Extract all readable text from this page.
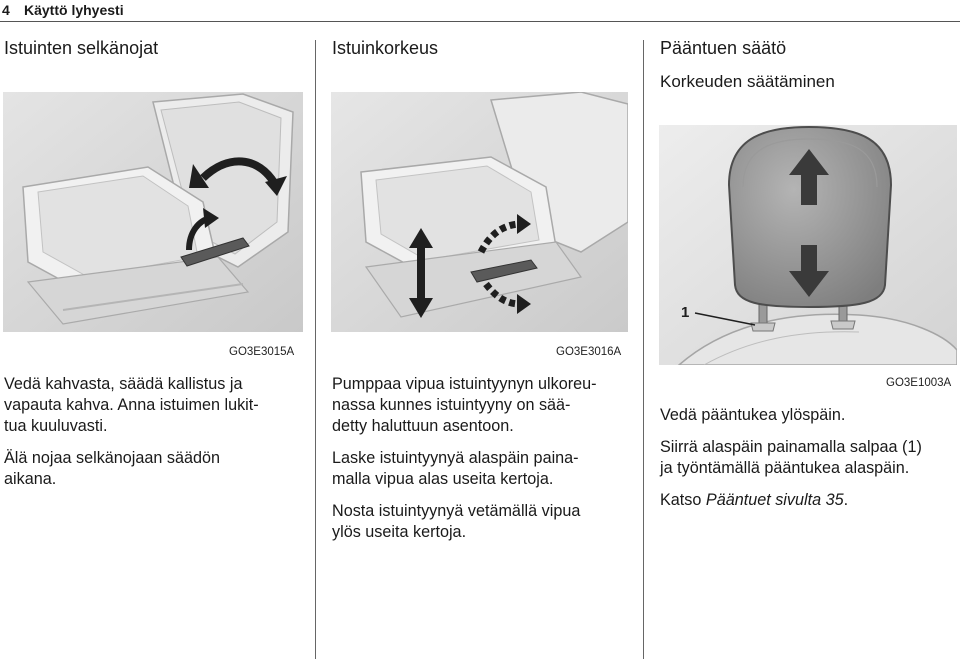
4 Käyttö lyhyesti
Istuinten selkänojat
GO3E3015A

Vedä kahvasta, säädä kallistus ja
vapauta kahva. Anna istuimen lukit-
tua kuuluvasti.

Älä nojaa selkänojaan säädön
aikana.

Istuinkorkeus
GO3E3016A

Pumppaa vipua istuintyynyn ulkoreu-
nassa kunnes istuintyyny on sää-
detty haluttuun asentoon.

Laske istuintyynyä alaspäin paina-
malla vipua alas useita kertoja.

Nosta istuintyynyä vetämällä vipua
ylös useita kertoja.

Pääntuen säätö
Korkeuden säätäminen
1
GO3E1003A

Vedä pääntukea ylöspäin.

Siirrä alaspäin painamalla salpaa (1)
ja työntämällä pääntukea alaspäin.

Katso Pääntuet sivulta 35.
